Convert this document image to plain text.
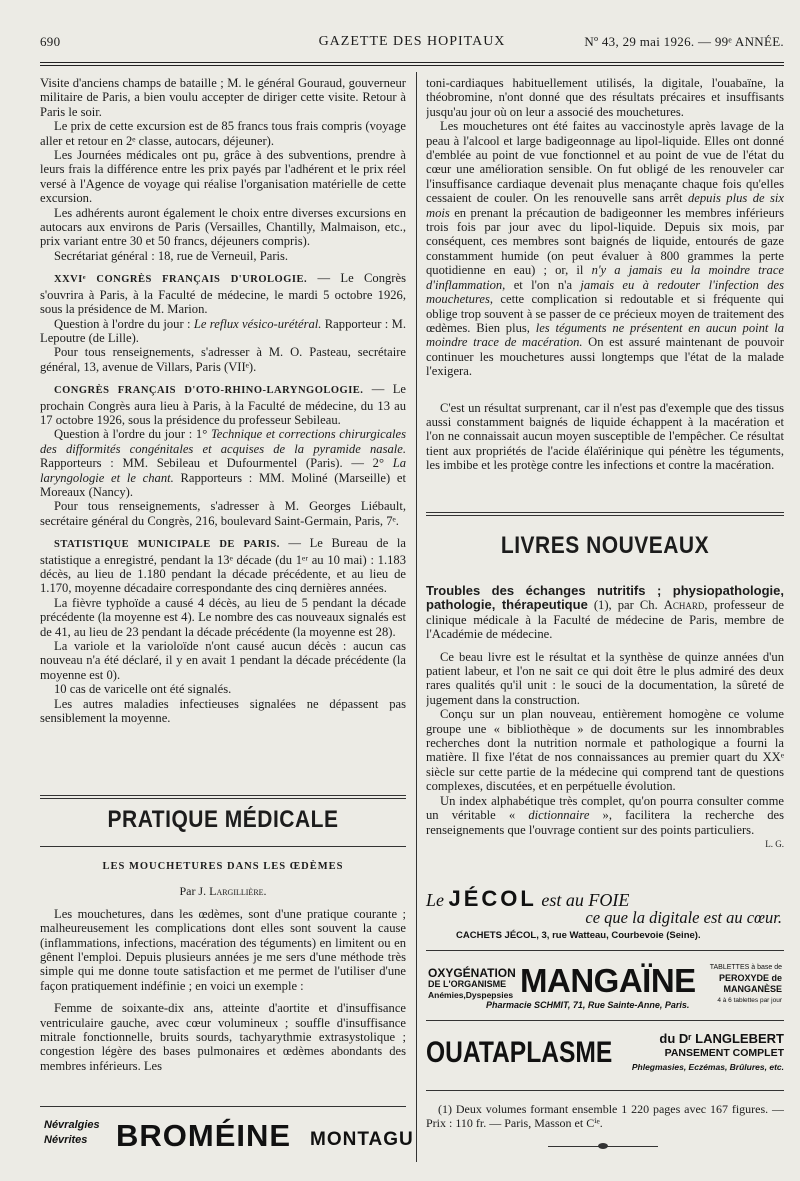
690	GAZETTE DES HOPITAUX	Nº 43, 29 mai 1926. — 99ᵉ ANNÉE.

Visite d'anciens champs de bataille ; M. le général Gouraud, gouverneur militaire de Paris, a bien voulu accepter de diriger cette visite. Retour à Paris le soir.

Le prix de cette excursion est de 85 francs tous frais compris (voyage aller et retour en 2ᵉ classe, autocars, déjeuner).

Les Journées médicales ont pu, grâce à des subventions, prendre à leurs frais la différence entre les prix payés par l'adhérent et le prix réel versé à l'Agence de voyage qui réalise l'organisation matérielle de cette excursion.

Les adhérents auront également le choix entre diverses excursions en autocars aux environs de Paris (Versailles, Chantilly, Malmaison, etc., prix variant entre 30 et 50 francs, déjeuners compris).

Secrétariat général : 18, rue de Verneuil, Paris.

XXVIᵉ CONGRÈS FRANÇAIS D'UROLOGIE. — Le Congrès s'ouvrira à Paris, à la Faculté de médecine, le mardi 5 octobre 1926, sous la présidence de M. Marion.

Question à l'ordre du jour : Le reflux vésico-urétéral. Rapporteur : M. Lepoutre (de Lille).

Pour tous renseignements, s'adresser à M. O. Pasteau, secrétaire général, 13, avenue de Villars, Paris (VIIᵉ).

CONGRÈS FRANÇAIS D'OTO-RHINO-LARYNGOLOGIE. — Le prochain Congrès aura lieu à Paris, à la Faculté de médecine, du 13 au 17 octobre 1926, sous la présidence du professeur Sebileau.

Question à l'ordre du jour : 1° Technique et corrections chirurgicales des difformités congénitales et acquises de la pyramide nasale. Rapporteurs : MM. Sebileau et Dufourmentel (Paris). — 2° La laryngologie et le chant. Rapporteurs : MM. Moliné (Marseille) et Moreaux (Nancy).

Pour tous renseignements, s'adresser à M. Georges Liébault, secrétaire général du Congrès, 216, boulevard Saint-Germain, Paris, 7ᵉ.

STATISTIQUE MUNICIPALE DE PARIS. — Le Bureau de la statistique a enregistré, pendant la 13ᵉ décade (du 1ᵉʳ au 10 mai) : 1.183 décès, au lieu de 1.180 pendant la décade précédente, et au lieu de 1.170, moyenne décadaire correspondante des cinq dernières années.

La fièvre typhoïde a causé 4 décès, au lieu de 5 pendant la décade précédente (la moyenne est 4). Le nombre des cas nouveaux signalés est de 41, au lieu de 23 pendant la décade précédente (la moyenne est 28).

La variole et la varioloïde n'ont causé aucun décès : aucun cas nouveau n'a été déclaré, il y en avait 1 pendant la décade précédente (la moyenne est 0).

10 cas de varicelle ont été signalés.

Les autres maladies infectieuses signalées ne dépassent pas sensiblement la moyenne.

PRATIQUE MÉDICALE
LES MOUCHETURES DANS LES ŒDÈMES
Par J. Largillière.

Les mouchetures, dans les œdèmes, sont d'une pratique courante ; malheureusement les complications dont elles sont souvent la cause (inflammations, infections, macération des téguments) en limitent ou en gênent l'emploi. Depuis plusieurs années je me sers d'une méthode très simple qui me donne toute satisfaction et me permet de l'utiliser d'une façon pratiquement indéfinie ; en voici un exemple :

Femme de soixante-dix ans, atteinte d'aortite et d'insuffisance ventriculaire gauche, avec cœur volumineux ; souffle d'insuffisance mitrale fonctionnelle, bruits sourds, tachyarythmie extrasystolique ; congestion légère des bases pulmonaires et œdèmes abondants des membres inférieurs. Les

Névralgies
Névrites BROMÉINE MONTAGU

toni-cardiaques habituellement utilisés, la digitale, l'ouabaïne, la théobromine, n'ont donné que des résultats précaires et insuffisants jusqu'au jour où on leur a associé des mouchetures.

Les mouchetures ont été faites au vaccinostyle après lavage de la peau à l'alcool et large badigeonnage au lipol-liquide. Elles ont donné d'emblée au point de vue fonctionnel et au point de vue de l'état du cœur une amélioration sensible. On fut obligé de les renouveler car l'insuffisance cardiaque devenait plus menaçante chaque fois qu'elles cessaient de couler. On les renouvelle sans arrêt depuis plus de six mois en prenant la précaution de badigeonner les membres inférieurs trois fois par jour avec du lipol-liquide. Depuis six mois, par conséquent, ces membres sont baignés de liquide, entourés de gaze constamment humide (on peut évaluer à 800 grammes la perte quotidienne en eau) ; or, il n'y a jamais eu la moindre trace d'inflammation, et l'on n'a jamais eu à redouter l'infection des mouchetures, cette complication si redoutable et si fréquente qui oblige trop souvent à se passer de ce précieux moyen de traitement des œdèmes. Bien plus, les téguments ne présentent en aucun point la moindre trace de macération. On est assuré maintenant de pouvoir continuer les mouchetures aussi longtemps que l'état de la malade l'exigera.

C'est un résultat surprenant, car il n'est pas d'exemple que des tissus aussi constamment baignés de liquide échappent à la macération et l'on ne connaissait aucun moyen susceptible de l'empêcher. Ce résultat tient aux propriétés de l'acide élaïérinique qui pénètre les téguments, les imbibe et les protège contre les infections et contre la macération.

LIVRES NOUVEAUX

Troubles des échanges nutritifs ; physiopathologie, pathologie, thérapeutique (1), par Ch. Achard, professeur de clinique médicale à la Faculté de médecine de Paris, membre de l'Académie de médecine.

Ce beau livre est le résultat et la synthèse de quinze années d'un patient labeur, et l'on ne sait ce qui doit être le plus admiré des deux rares qualités qu'il unit : le souci de la documentation, la sûreté de jugement dans la construction.

Conçu sur un plan nouveau, entièrement homogène ce volume groupe une « bibliothèque » de documents sur les innombrables recherches dont la nutrition normale et pathologique a fourni la matière. Il fixe l'état de nos connaissances au premier quart du XXᵉ siècle sur cette partie de la médecine qui comprend tant de questions complexes, discutées, et en perpétuelle évolution.

Un index alphabétique très complet, qu'on pourra consulter comme un véritable « dictionnaire », facilitera la recherche des renseignements que l'ouvrage contient sur des points particuliers.
L. G.

Le JÉCOL est au FOIE
ce que la digitale est au cœur.
CACHETS JÉCOL, 3, rue Watteau, Courbevoie (Seine).
OXYGÉNATION
DE L'ORGANISME
Anémies,Dyspepsies MANGAÏNE	TABLETTES à base de
PEROXYDE de MANGANÈSE
4 à 6 tablettes par jour
Pharmacie SCHMIT, 71, Rue Sainte-Anne, Paris.
OUATAPLASME	du Dʳ LANGLEBERT
PANSEMENT COMPLET
Phlegmasies, Eczémas, Brûlures, etc.
(1) Deux volumes formant ensemble 1 220 pages avec 167 figures. — Prix : 110 fr. — Paris, Masson et Cⁱᵉ.
